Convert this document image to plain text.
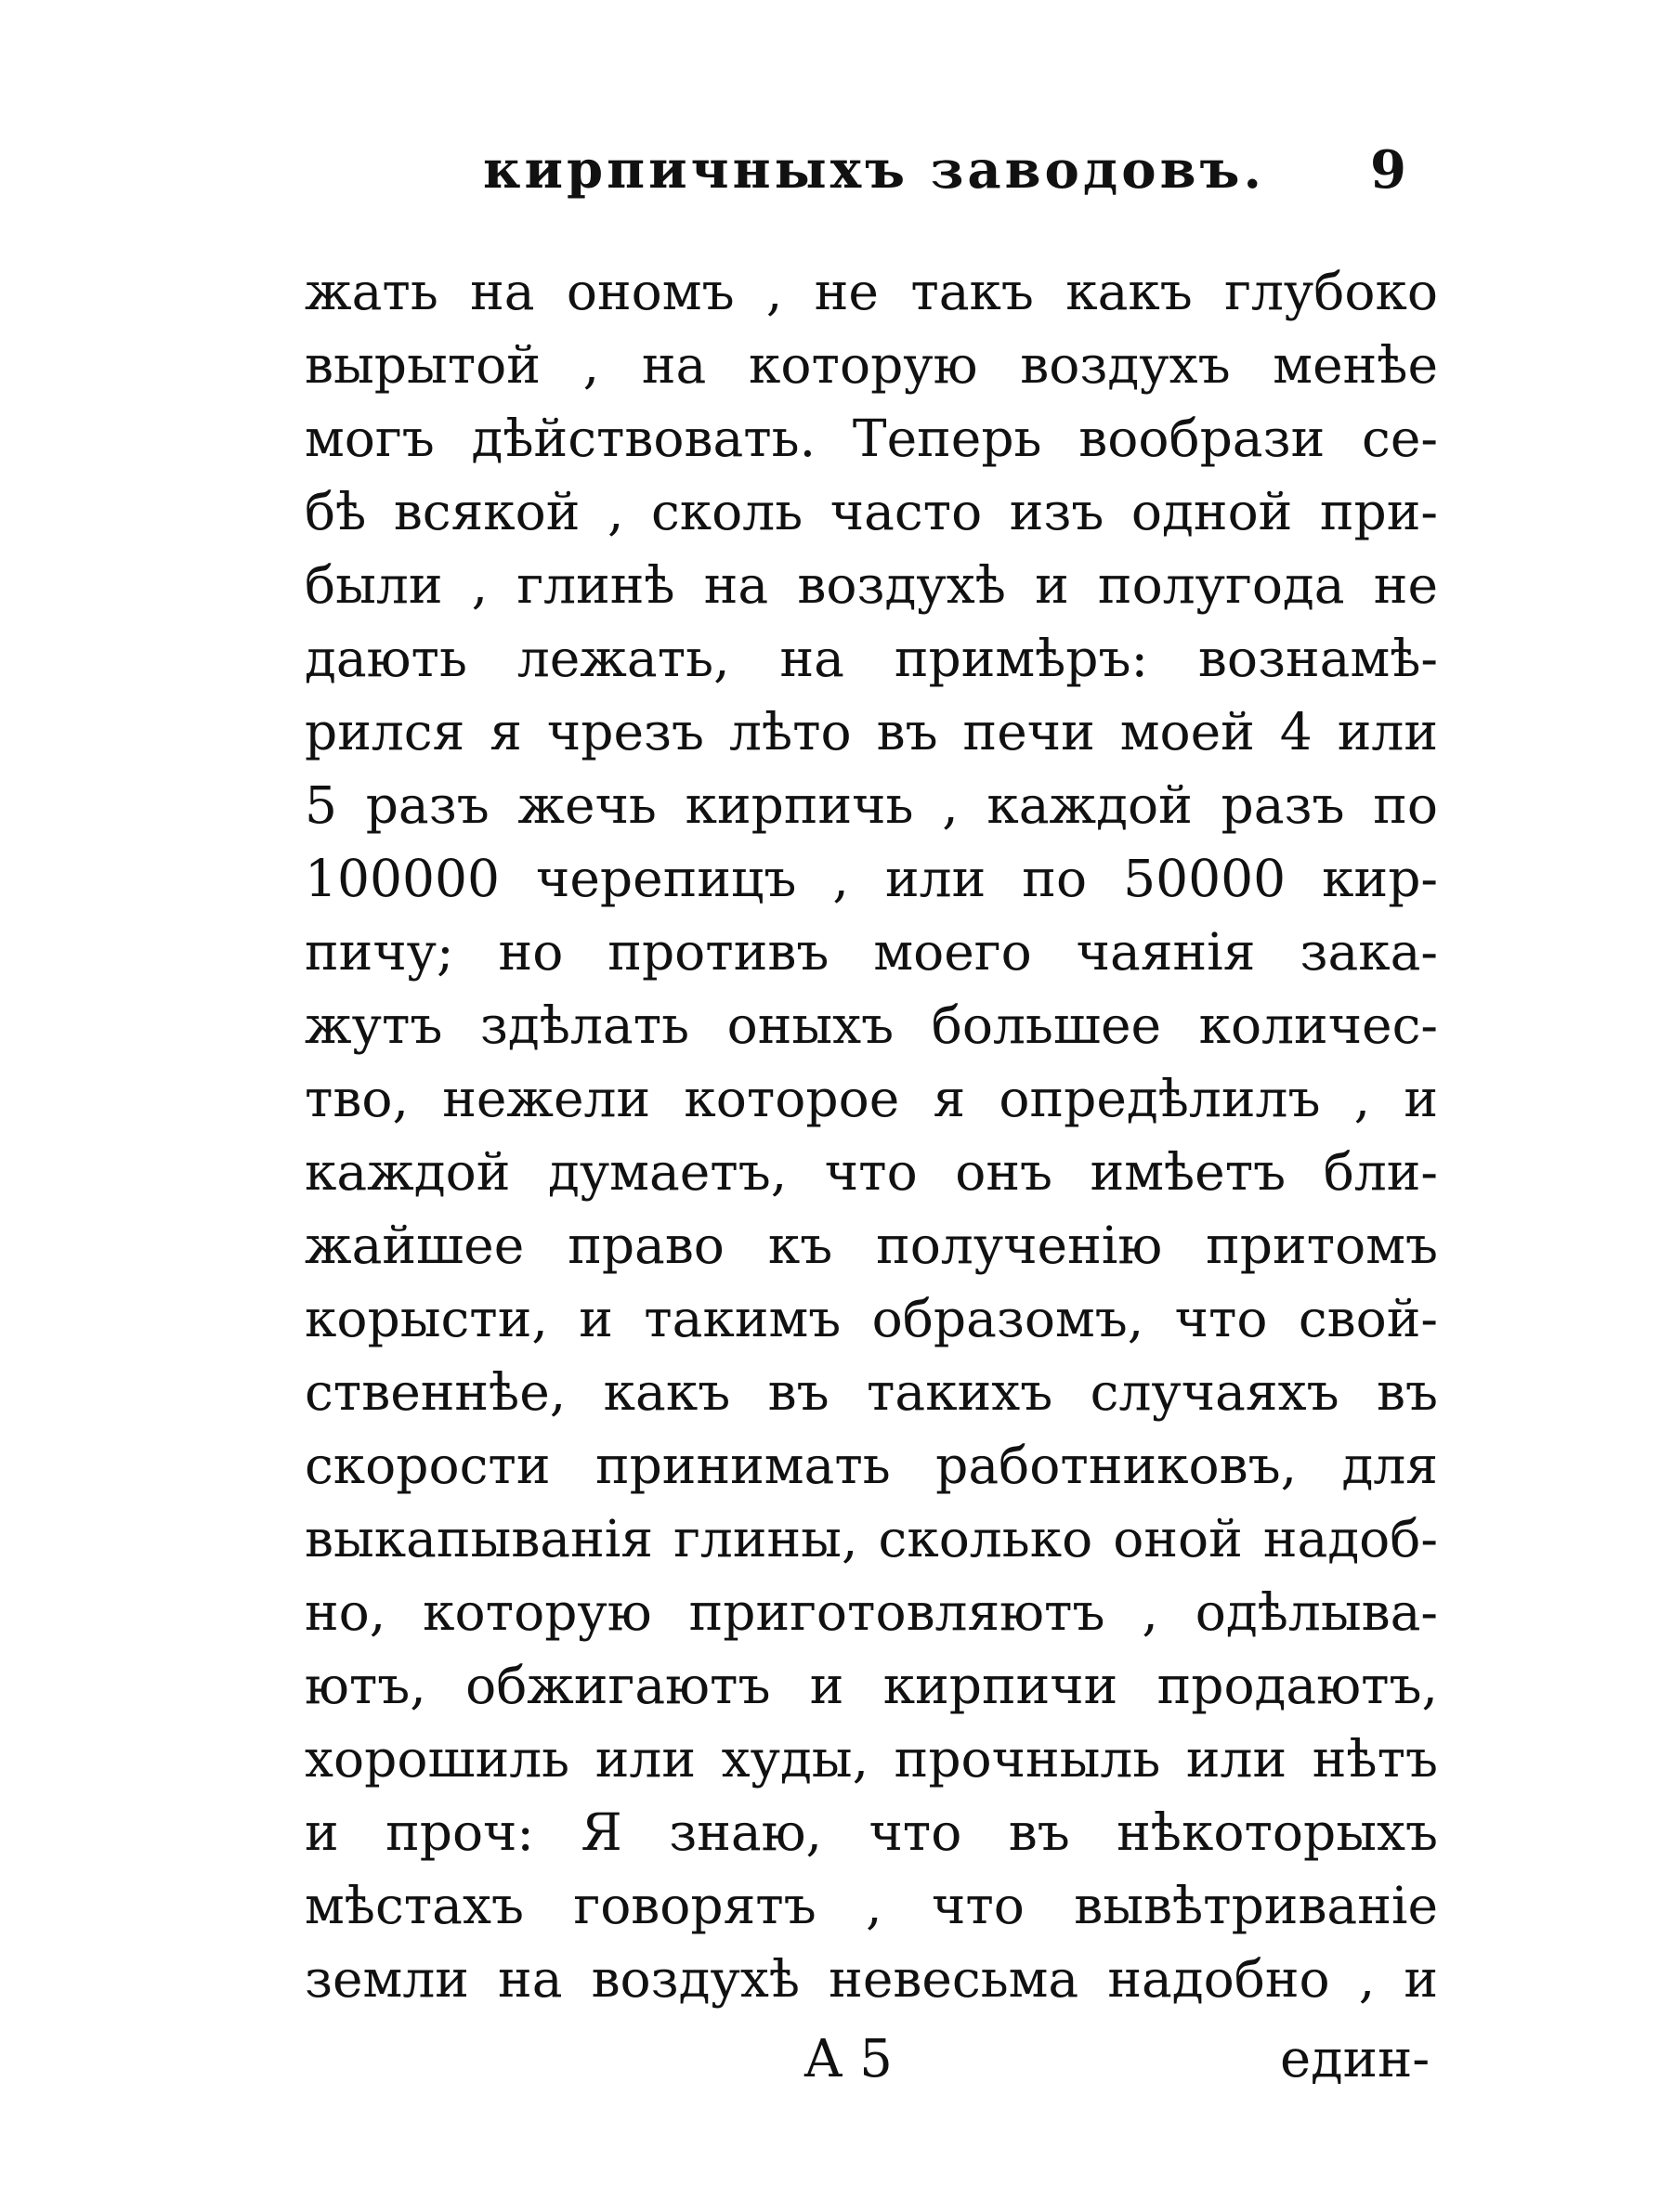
кирпичныхъ заводовъ. 9
жать на ономъ , не такъ какъ глубоко
вырытой , на которую воздухъ менѣе
могъ дѣйствовать. Теперь вообрази се-
бѣ всякой , сколь часто изъ одной при-
были , глинѣ на воздухѣ и полугода не
дають лежать, на примѣръ: вознамѣ-
рился я чрезъ лѣто въ печи моей 4 или
5 разъ жечь кирпичь , каждой разъ по
100000 черепицъ , или по 50000 кир-
пичу; но противъ моего чаянія зака-
жутъ здѣлать оныхъ большее количес-
тво, нежели которое я опредѣлилъ , и
каждой думаетъ, что онъ имѣетъ бли-
жайшее право къ полученію притомъ
корысти, и такимъ образомъ, что свой-
ственнѣе, какъ въ такихъ случаяхъ въ
скорости принимать работниковъ, для
выкапыванія глины, сколько оной надоб-
но, которую приготовляютъ , одѣлыва-
ютъ, обжигаютъ и кирпичи продаютъ,
хорошиль или худы, прочныль или нѣтъ
и проч: Я знаю, что въ нѣкоторыхъ
мѣстахъ говорятъ , что вывѣтриваніе
земли на воздухѣ невесьма надобно , и
А 5	един-
